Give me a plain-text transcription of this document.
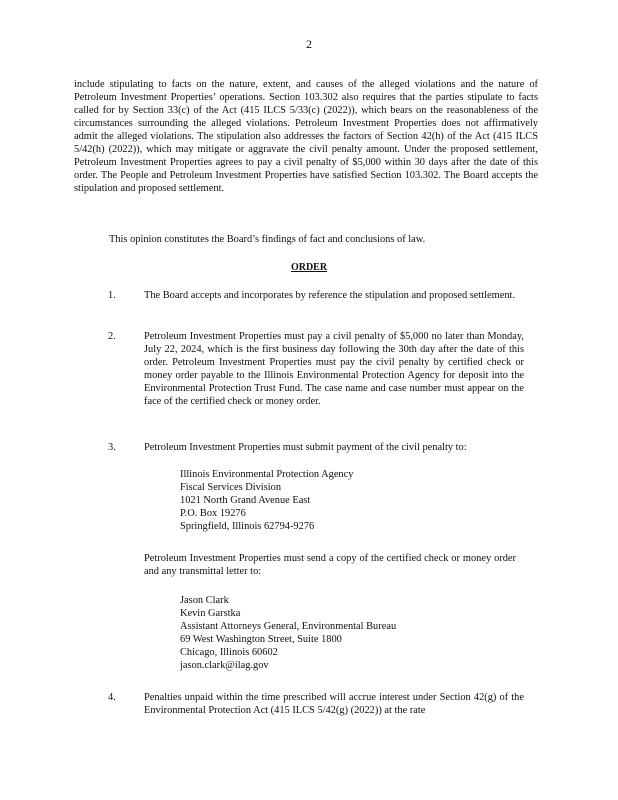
2
include stipulating to facts on the nature, extent, and causes of the alleged violations and the nature of Petroleum Investment Properties’ operations. Section 103.302 also requires that the parties stipulate to facts called for by Section 33(c) of the Act (415 ILCS 5/33(c) (2022)), which bears on the reasonableness of the circumstances surrounding the alleged violations. Petroleum Investment Properties does not affirmatively admit the alleged violations. The stipulation also addresses the factors of Section 42(h) of the Act (415 ILCS 5/42(h) (2022)), which may mitigate or aggravate the civil penalty amount. Under the proposed settlement, Petroleum Investment Properties agrees to pay a civil penalty of $5,000 within 30 days after the date of this order. The People and Petroleum Investment Properties have satisfied Section 103.302. The Board accepts the stipulation and proposed settlement.
This opinion constitutes the Board’s findings of fact and conclusions of law.
ORDER
1.	The Board accepts and incorporates by reference the stipulation and proposed settlement.
2.	Petroleum Investment Properties must pay a civil penalty of $5,000 no later than Monday, July 22, 2024, which is the first business day following the 30th day after the date of this order. Petroleum Investment Properties must pay the civil penalty by certified check or money order payable to the Illinois Environmental Protection Agency for deposit into the Environmental Protection Trust Fund. The case name and case number must appear on the face of the certified check or money order.
3.	Petroleum Investment Properties must submit payment of the civil penalty to:
Illinois Environmental Protection Agency
Fiscal Services Division
1021 North Grand Avenue East
P.O. Box 19276
Springfield, Illinois 62794-9276
Petroleum Investment Properties must send a copy of the certified check or money order and any transmittal letter to:
Jason Clark
Kevin Garstka
Assistant Attorneys General, Environmental Bureau
69 West Washington Street, Suite 1800
Chicago, Illinois 60602
jason.clark@ilag.gov
4.	Penalties unpaid within the time prescribed will accrue interest under Section 42(g) of the Environmental Protection Act (415 ILCS 5/42(g) (2022)) at the rate
